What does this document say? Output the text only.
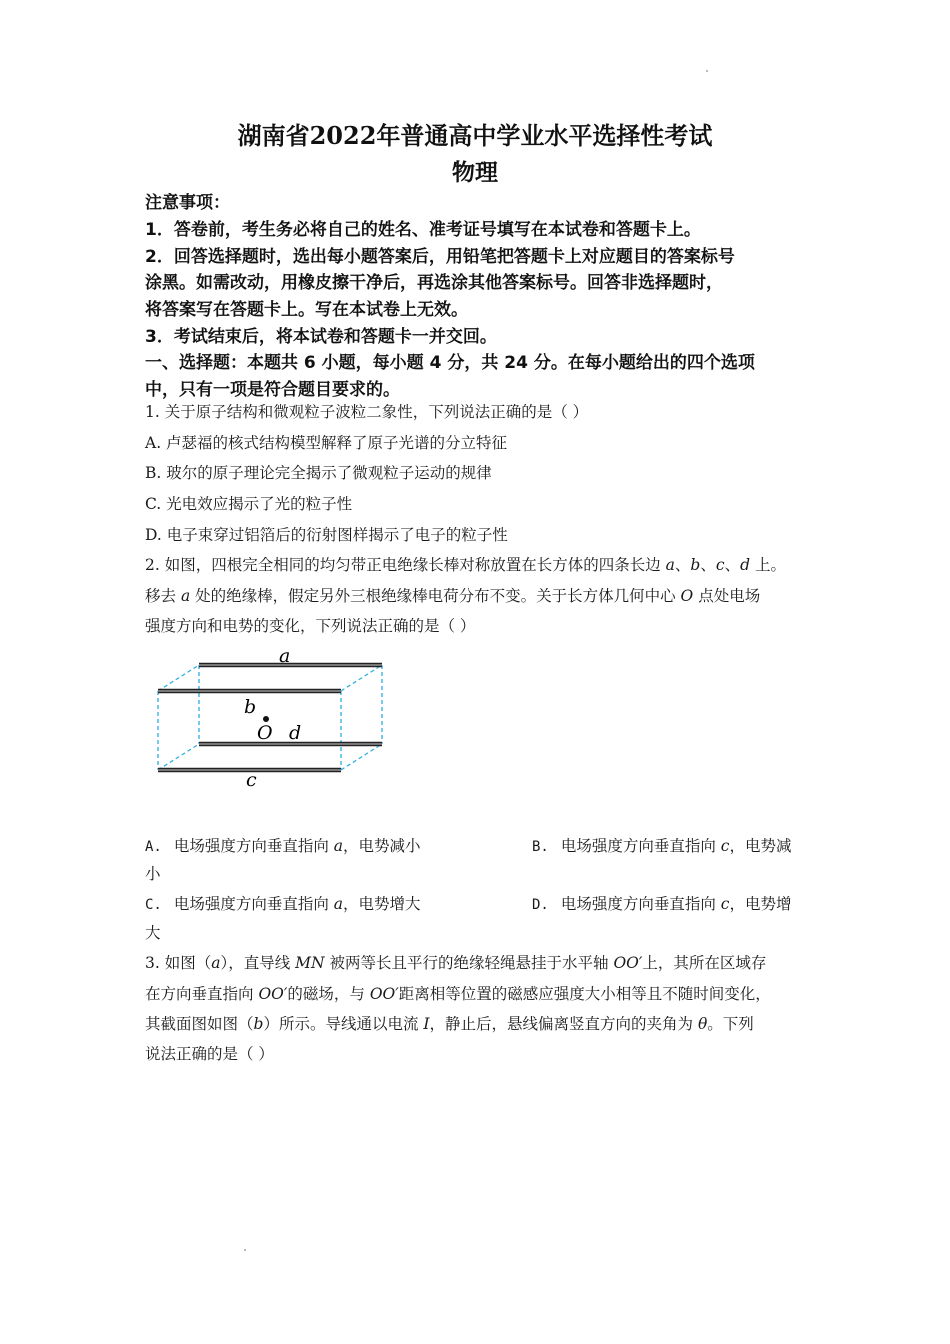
湖南省2022年普通高中学业水平选择性考试
物理
注意事项：
1．答卷前，考生务必将自己的姓名、准考证号填写在本试卷和答题卡上。
2．回答选择题时，选出每小题答案后，用铅笔把答题卡上对应题目的答案标号
涂黑。如需改动，用橡皮擦干净后，再选涂其他答案标号。回答非选择题时，
将答案写在答题卡上。写在本试卷上无效。
3．考试结束后，将本试卷和答题卡一并交回。
一、选择题：本题共 6 小题，每小题 4 分，共 24 分。在每小题给出的四个选项
中，只有一项是符合题目要求的。
1. 关于原子结构和微观粒子波粒二象性，下列说法正确的是（ ）
A. 卢瑟福的核式结构模型解释了原子光谱的分立特征
B. 玻尔的原子理论完全揭示了微观粒子运动的规律
C. 光电效应揭示了光的粒子性
D. 电子束穿过铝箔后的衍射图样揭示了电子的粒子性
2. 如图，四根完全相同的均匀带正电绝缘长棒对称放置在长方体的四条长边 a、b、c、d 上。
移去 a 处的绝缘棒，假定另外三根绝缘棒电荷分布不变。关于长方体几何中心 O 点处电场
强度方向和电势的变化，下列说法正确的是（ ）
a
b
O d
c
A. 电场强度方向垂直指向 a，电势减小	B. 电场强度方向垂直指向 c，电势减
小
C. 电场强度方向垂直指向 a，电势增大	D. 电场强度方向垂直指向 c，电势增
大
3. 如图（a），直导线 MN 被两等长且平行的绝缘轻绳悬挂于水平轴 OO′上，其所在区域存
在方向垂直指向 OO′的磁场，与 OO′距离相等位置的磁感应强度大小相等且不随时间变化，
其截面图如图（b）所示。导线通以电流 I，静止后，悬线偏离竖直方向的夹角为 θ。下列
说法正确的是（ ）
